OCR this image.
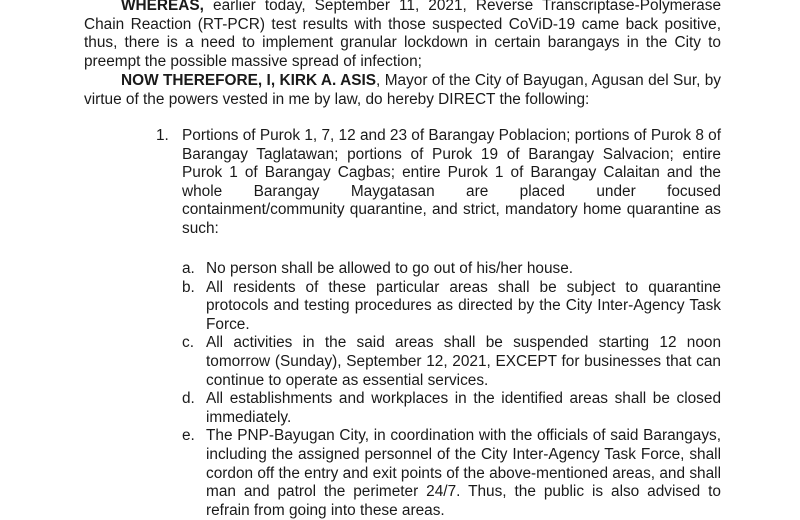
WHEREAS, earlier today, September 11, 2021, Reverse Transcriptase-Polymerase Chain Reaction (RT-PCR) test results with those suspected CoViD-19 came back positive, thus, there is a need to implement granular lockdown in certain barangays in the City to preempt the possible massive spread of infection;

NOW THEREFORE, I, KIRK A. ASIS, Mayor of the City of Bayugan, Agusan del Sur, by virtue of the powers vested in me by law, do hereby DIRECT the following:

1. Portions of Purok 1, 7, 12 and 23 of Barangay Poblacion; portions of Purok 8 of Barangay Taglatawan; portions of Purok 19 of Barangay Salvacion; entire Purok 1 of Barangay Cagbas; entire Purok 1 of Barangay Calaitan and the whole Barangay Maygatasan are placed under focused containment/community quarantine, and strict, mandatory home quarantine as such:
a. No person shall be allowed to go out of his/her house.
b. All residents of these particular areas shall be subject to quarantine protocols and testing procedures as directed by the City Inter-Agency Task Force.
c. All activities in the said areas shall be suspended starting 12 noon tomorrow (Sunday), September 12, 2021, EXCEPT for businesses that can continue to operate as essential services.
d. All establishments and workplaces in the identified areas shall be closed immediately.
e. The PNP-Bayugan City, in coordination with the officials of said Barangays, including the assigned personnel of the City Inter-Agency Task Force, shall cordon off the entry and exit points of the above-mentioned areas, and shall man and patrol the perimeter 24/7. Thus, the public is also advised to refrain from going into these areas.
